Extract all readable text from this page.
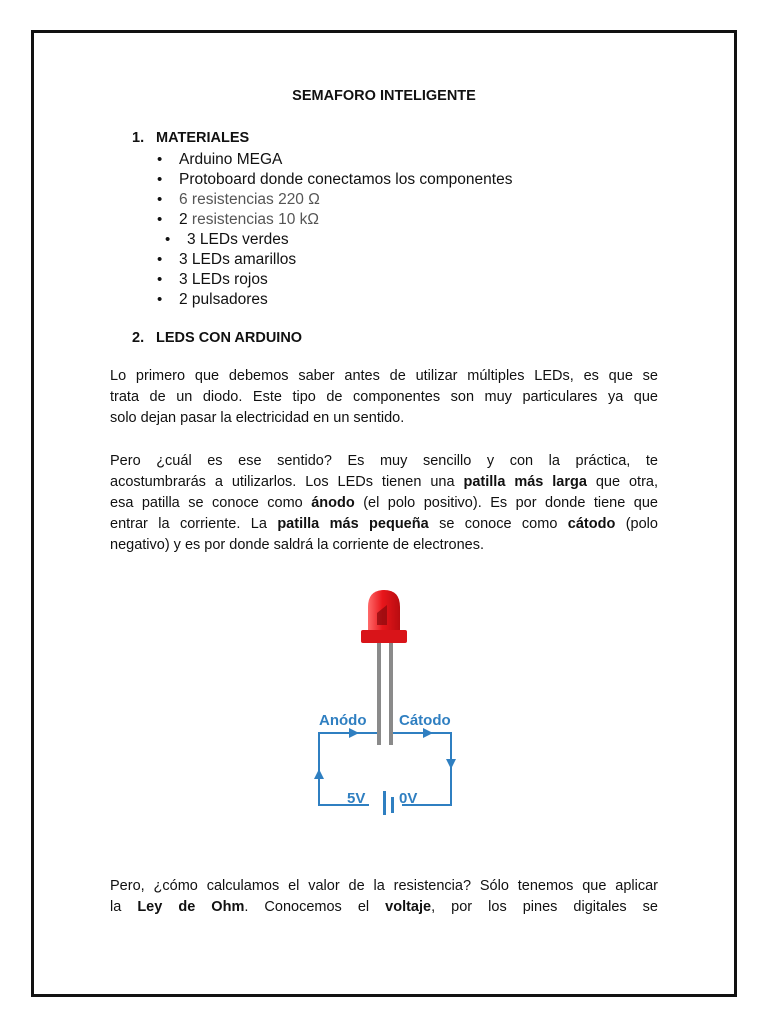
SEMAFORO INTELIGENTE
1. MATERIALES
• Arduino MEGA
• Protoboard donde conectamos los componentes
• 6 resistencias 220 Ω
• 2 resistencias 10 kΩ
• 3 LEDs verdes
• 3 LEDs amarillos
• 3 LEDs rojos
• 2 pulsadores
2. LEDS CON ARDUINO
Lo primero que debemos saber antes de utilizar múltiples LEDs, es que se
trata de un diodo. Este tipo de componentes son muy particulares ya que
solo dejan pasar la electricidad en un sentido.
Pero ¿cuál es ese sentido? Es muy sencillo y con la práctica, te
acostumbrarás a utilizarlos. Los LEDs tienen una patilla más larga que otra,
esa patilla se conoce como ánodo (el polo positivo). Es por donde tiene que
entrar la corriente. La patilla más pequeña se conoce como cátodo (polo
negativo) y es por donde saldrá la corriente de electrones.
Anódo Cátodo
5V 0V
Pero, ¿cómo calculamos el valor de la resistencia? Sólo tenemos que aplicar
la Ley de Ohm. Conocemos el voltaje, por los pines digitales se
